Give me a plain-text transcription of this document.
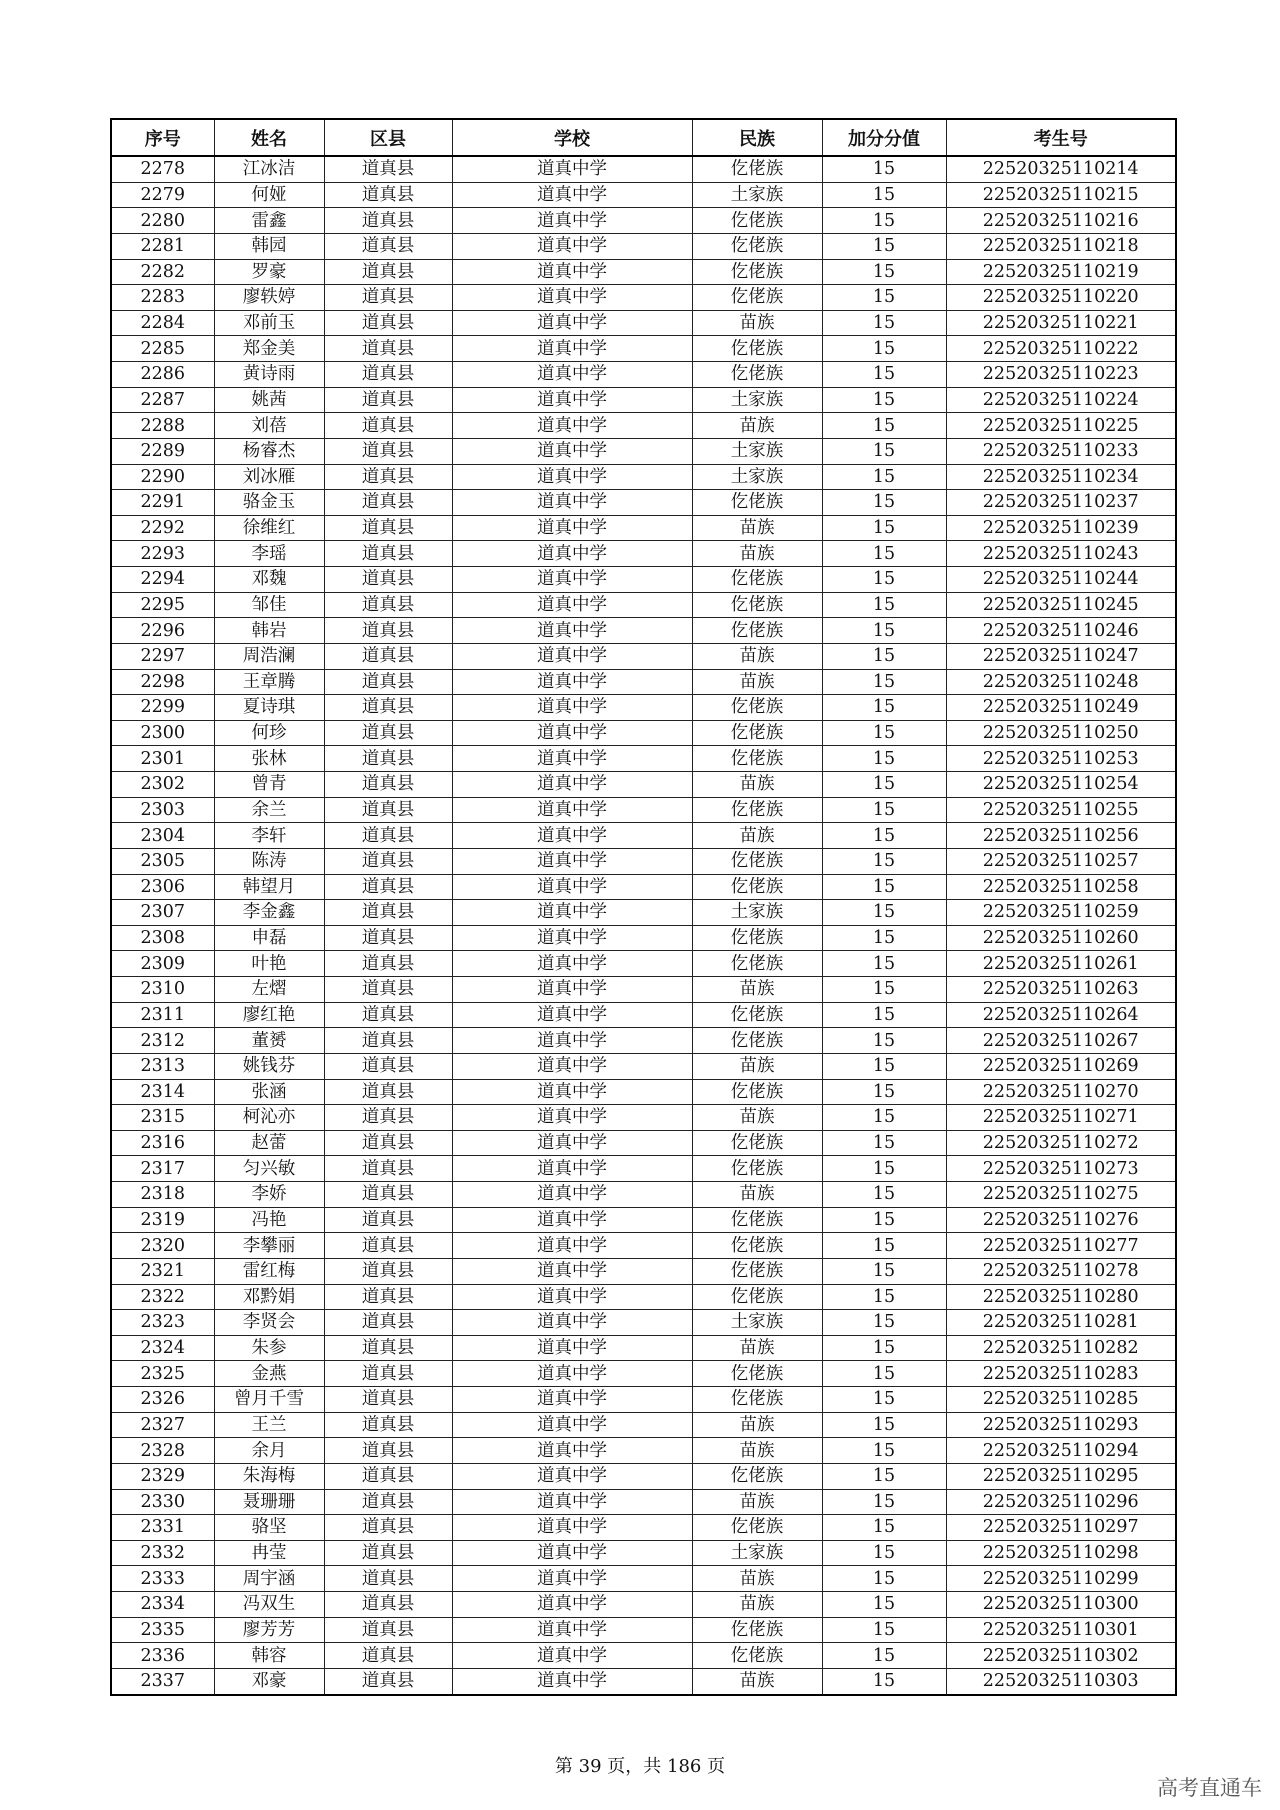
序号	姓名	区县	学校	民族	加分分值	考生号
2278	江冰洁	道真县	道真中学	仡佬族	15	22520325110214
2279	何娅	道真县	道真中学	土家族	15	22520325110215
2280	雷鑫	道真县	道真中学	仡佬族	15	22520325110216
2281	韩园	道真县	道真中学	仡佬族	15	22520325110218
2282	罗豪	道真县	道真中学	仡佬族	15	22520325110219
2283	廖轶婷	道真县	道真中学	仡佬族	15	22520325110220
2284	邓前玉	道真县	道真中学	苗族	15	22520325110221
2285	郑金美	道真县	道真中学	仡佬族	15	22520325110222
2286	黄诗雨	道真县	道真中学	仡佬族	15	22520325110223
2287	姚茜	道真县	道真中学	土家族	15	22520325110224
2288	刘蓓	道真县	道真中学	苗族	15	22520325110225
2289	杨睿杰	道真县	道真中学	土家族	15	22520325110233
2290	刘冰雁	道真县	道真中学	土家族	15	22520325110234
2291	骆金玉	道真县	道真中学	仡佬族	15	22520325110237
2292	徐维红	道真县	道真中学	苗族	15	22520325110239
2293	李瑶	道真县	道真中学	苗族	15	22520325110243
2294	邓魏	道真县	道真中学	仡佬族	15	22520325110244
2295	邹佳	道真县	道真中学	仡佬族	15	22520325110245
2296	韩岩	道真县	道真中学	仡佬族	15	22520325110246
2297	周浩澜	道真县	道真中学	苗族	15	22520325110247
2298	王章腾	道真县	道真中学	苗族	15	22520325110248
2299	夏诗琪	道真县	道真中学	仡佬族	15	22520325110249
2300	何珍	道真县	道真中学	仡佬族	15	22520325110250
2301	张林	道真县	道真中学	仡佬族	15	22520325110253
2302	曾青	道真县	道真中学	苗族	15	22520325110254
2303	余兰	道真县	道真中学	仡佬族	15	22520325110255
2304	李轩	道真县	道真中学	苗族	15	22520325110256
2305	陈涛	道真县	道真中学	仡佬族	15	22520325110257
2306	韩望月	道真县	道真中学	仡佬族	15	22520325110258
2307	李金鑫	道真县	道真中学	土家族	15	22520325110259
2308	申磊	道真县	道真中学	仡佬族	15	22520325110260
2309	叶艳	道真县	道真中学	仡佬族	15	22520325110261
2310	左熠	道真县	道真中学	苗族	15	22520325110263
2311	廖红艳	道真县	道真中学	仡佬族	15	22520325110264
2312	董赟	道真县	道真中学	仡佬族	15	22520325110267
2313	姚钱芬	道真县	道真中学	苗族	15	22520325110269
2314	张涵	道真县	道真中学	仡佬族	15	22520325110270
2315	柯沁亦	道真县	道真中学	苗族	15	22520325110271
2316	赵蕾	道真县	道真中学	仡佬族	15	22520325110272
2317	匀兴敏	道真县	道真中学	仡佬族	15	22520325110273
2318	李娇	道真县	道真中学	苗族	15	22520325110275
2319	冯艳	道真县	道真中学	仡佬族	15	22520325110276
2320	李攀丽	道真县	道真中学	仡佬族	15	22520325110277
2321	雷红梅	道真县	道真中学	仡佬族	15	22520325110278
2322	邓黔娟	道真县	道真中学	仡佬族	15	22520325110280
2323	李贤会	道真县	道真中学	土家族	15	22520325110281
2324	朱参	道真县	道真中学	苗族	15	22520325110282
2325	金燕	道真县	道真中学	仡佬族	15	22520325110283
2326	曾月千雪	道真县	道真中学	仡佬族	15	22520325110285
2327	王兰	道真县	道真中学	苗族	15	22520325110293
2328	余月	道真县	道真中学	苗族	15	22520325110294
2329	朱海梅	道真县	道真中学	仡佬族	15	22520325110295
2330	聂珊珊	道真县	道真中学	苗族	15	22520325110296
2331	骆坚	道真县	道真中学	仡佬族	15	22520325110297
2332	冉莹	道真县	道真中学	土家族	15	22520325110298
2333	周宇涵	道真县	道真中学	苗族	15	22520325110299
2334	冯双生	道真县	道真中学	苗族	15	22520325110300
2335	廖芳芳	道真县	道真中学	仡佬族	15	22520325110301
2336	韩容	道真县	道真中学	仡佬族	15	22520325110302
2337	邓豪	道真县	道真中学	苗族	15	22520325110303
第 39 页，共 186 页
高考直通车
